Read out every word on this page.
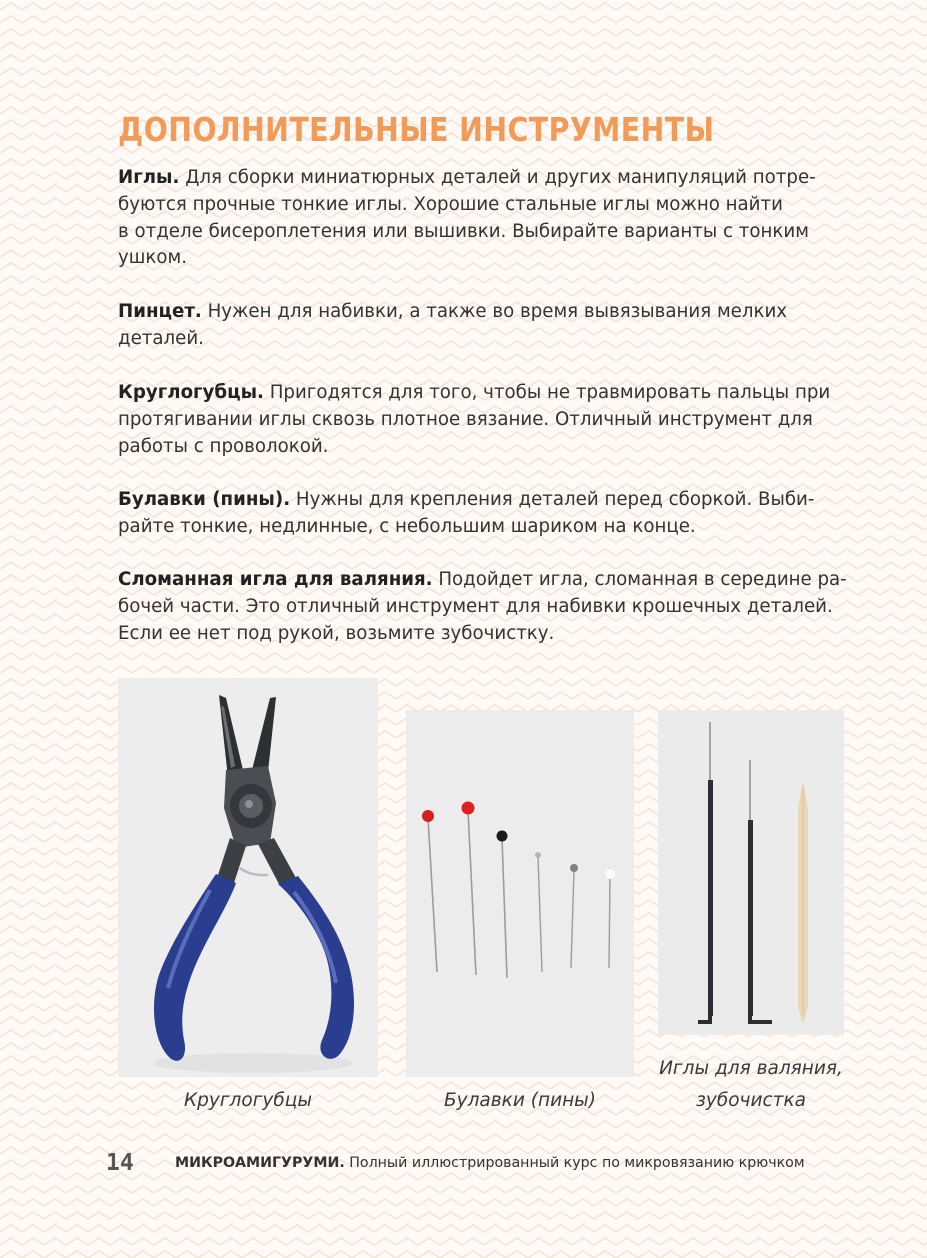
ДОПОЛНИТЕЛЬНЫЕ ИНСТРУМЕНТЫ

Иглы. Для сборки миниатюрных деталей и других манипуляций потре-
буются прочные тонкие иглы. Хорошие стальные иглы можно найти
в отделе бисероплетения или вышивки. Выбирайте варианты с тонким
ушком.

Пинцет. Нужен для набивки, а также во время вывязывания мелких
деталей.

Круглогубцы. Пригодятся для того, чтобы не травмировать пальцы при
протягивании иглы сквозь плотное вязание. Отличный инструмент для
работы с проволокой.

Булавки (пины). Нужны для крепления деталей перед сборкой. Выби-
райте тонкие, недлинные, с небольшим шариком на конце.

Сломанная игла для валяния. Подойдет игла, сломанная в середине ра-
бочей части. Это отличный инструмент для набивки крошечных деталей.
Если ее нет под рукой, возьмите зубочистку.

Круглогубцы	Булавки (пины)
Иглы для валяния,
зубочистка
14	МИКРОАМИГУРУМИ. Полный иллюстрированный курс по микровязанию крючком
